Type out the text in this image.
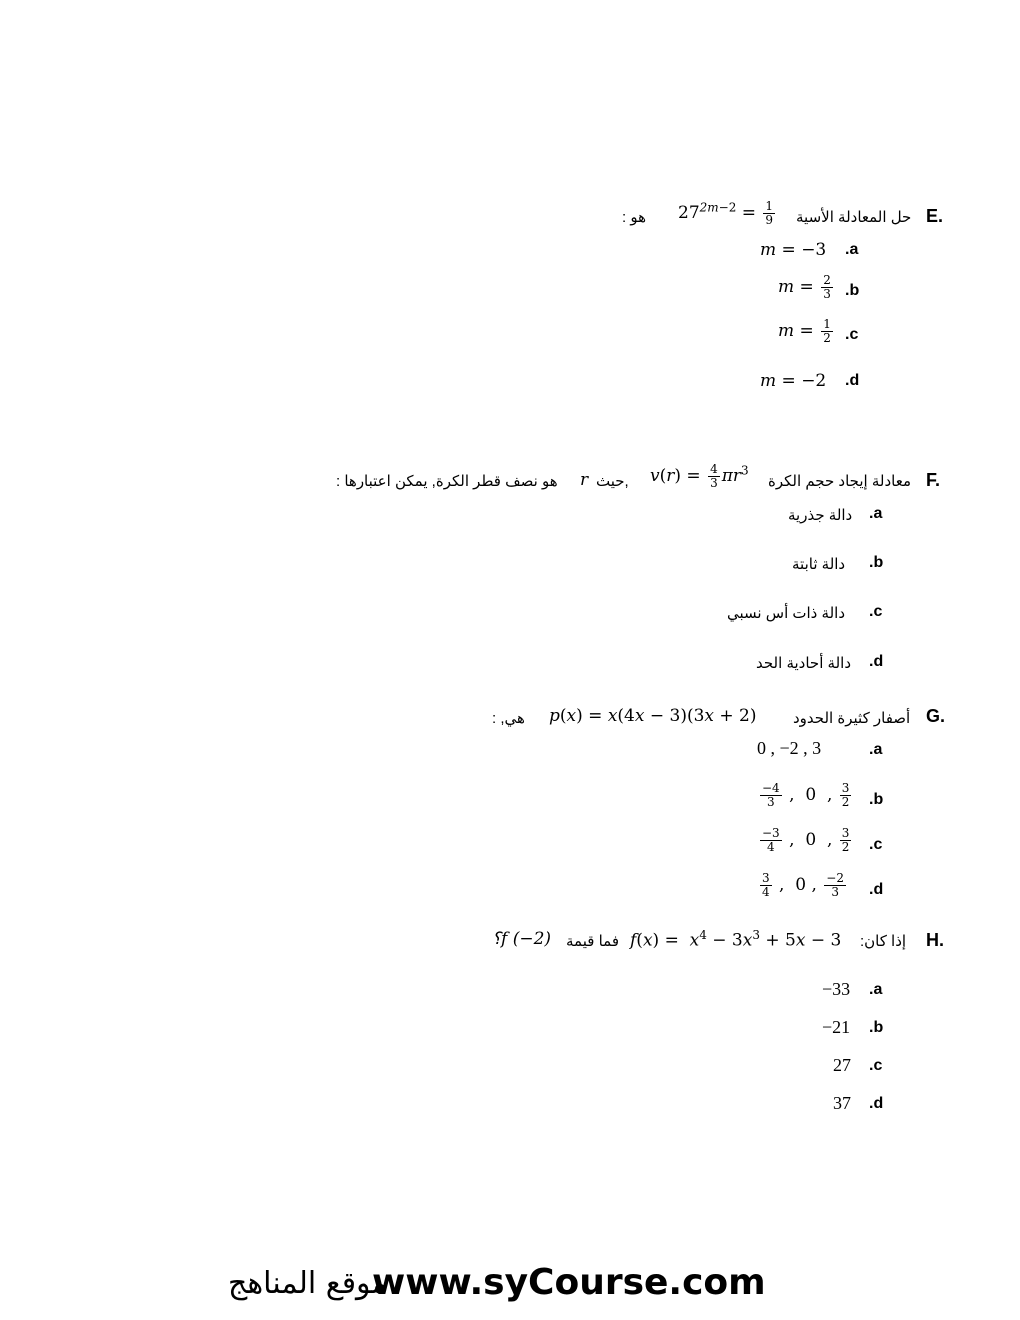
E.
حل المعادلة الأسية
$27^{2m-2} = \frac{1}{9}$
هو :
.a
m = −3
.b
$m = \frac{2}{3}$
.c
$m = \frac{1}{2}$
.d
m = −2
F.
معادلة إيجاد حجم الكرة
$v(r) = \frac{4}{3} \pi r^3$
,حيث
r
هو نصف قطر الكرة, يمكن اعتبارها :
.a
دالة جذرية
.b
دالة ثابتة
.c
دالة ذات أس نسبي
.d
دالة أحادية الحد
G.
أصفار كثيرة الحدود
p(x) = x(4x − 3)(3x + 2)
هي, :
.a
0 , −2 , 3
.b
$\frac{-4}{3}$ ,  0  , $\frac{3}{2}$
.c
$\frac{-3}{4}$ ,  0  , $\frac{3}{2}$
.d
$\frac{3}{4}$ ,  0 , $\frac{-2}{3}$
H.
إذا كان:
$f(x) = x^4 - 3x^3 + 5x - 3$
فما قيمة
؟f (−2)
.a
−33
.b
−21
.c
27
.d
37
www.syCourse.com
موقع المناهج
